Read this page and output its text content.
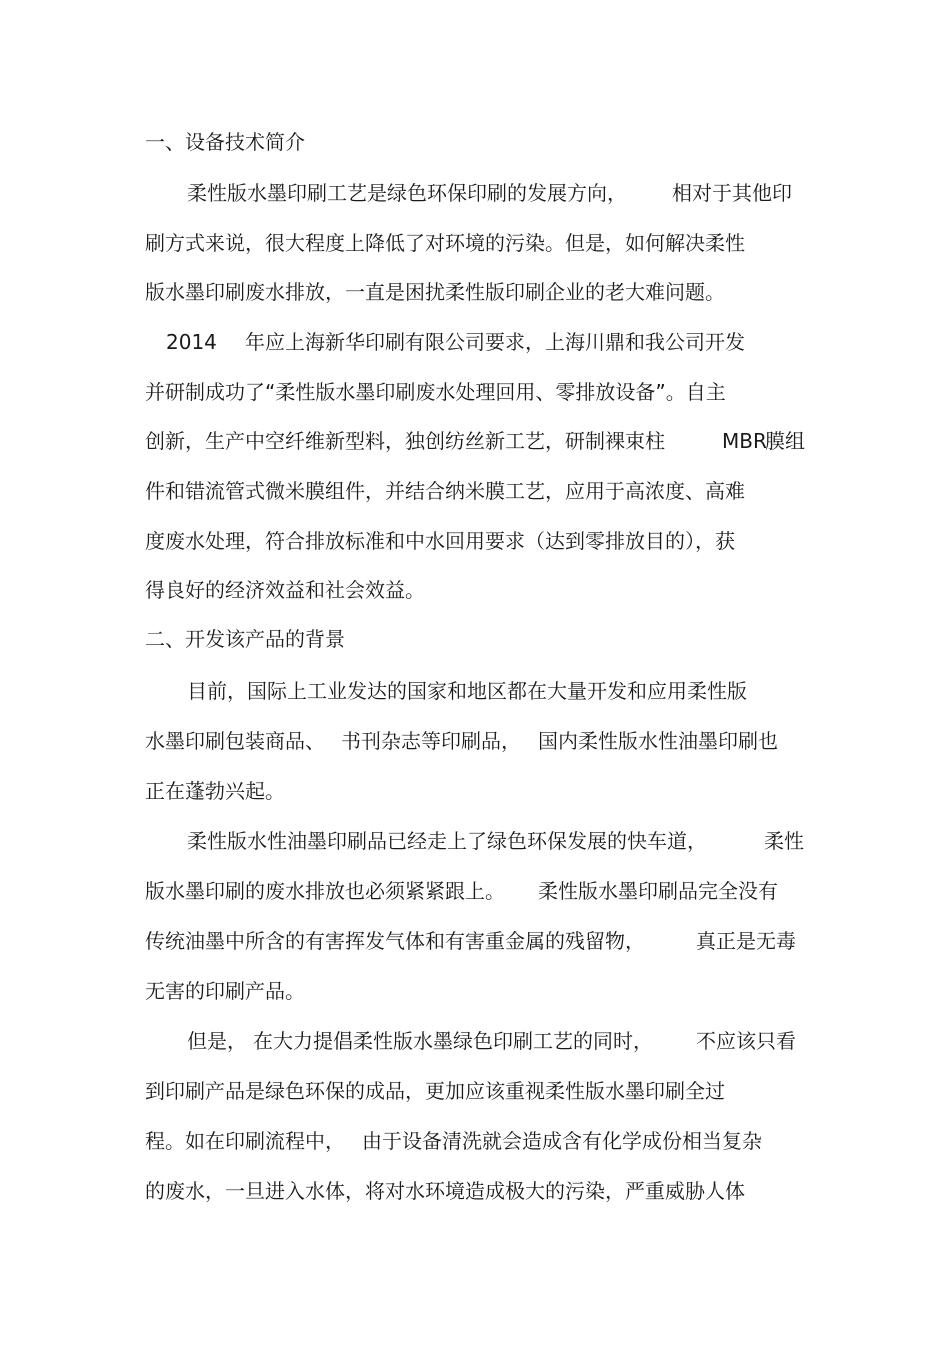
一、设备技术简介
柔性版水墨印刷工艺是绿色环保印刷的发展方向， 相对于其他印
刷方式来说，很大程度上降低了对环境的污染。但是，如何解决柔性
版水墨印刷废水排放，一直是困扰柔性版印刷企业的老大难问题。
2014 年应上海新华印刷有限公司要求，上海川鼎和我公司开发
并研制成功了“柔性版水墨印刷废水处理回用、零排放设备”。自主
创新，生产中空纤维新型料，独创纺丝新工艺，研制裸束柱	MBR
膜组
件和错流管式微米膜组件，并结合纳米膜工艺，应用于高浓度、高难
度废水处理，符合排放标准和中水回用要求（达到零排放目的），获
得良好的经济效益和社会效益。
二、开发该产品的背景
目前，国际上工业发达的国家和地区都在大量开发和应用柔性版
水墨印刷包装商品、 书刊杂志等印刷品， 国内柔性版水性油墨印刷也
正在蓬勃兴起。
柔性版水性油墨印刷品已经走上了绿色环保发展的快车道，	柔性
版水墨印刷的废水排放也必须紧紧跟上。 柔性版水墨印刷品完全没有
传统油墨中所含的有害挥发气体和有害重金属的残留物，	真正是无毒
无害的印刷产品。
但是， 在大力提倡柔性版水墨绿色印刷工艺的同时， 不应该只看
到印刷产品是绿色环保的成品，更加应该重视柔性版水墨印刷全过
程。如在印刷流程中， 由于设备清洗就会造成含有化学成份相当复杂
的废水，一旦进入水体，将对水环境造成极大的污染，严重威胁人体
